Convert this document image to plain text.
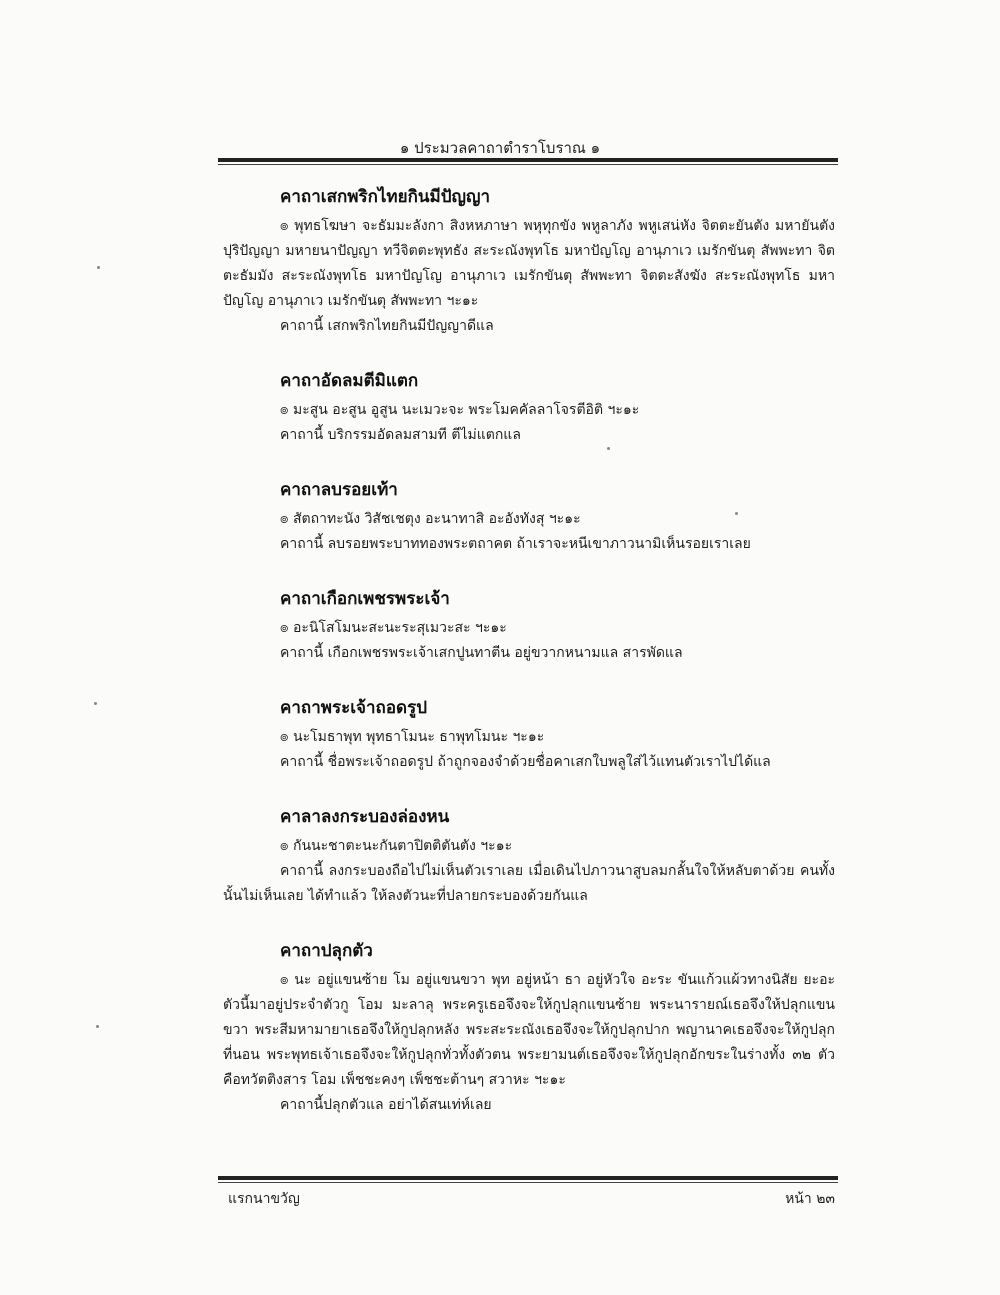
๑ ประมวลคาถาตำราโบราณ ๑
คาถาเสกพริกไทยกินมีปัญญา
๏ พุทธโฆษา จะธัมมะลังกา สิงหหภาษา พหุทุกขัง พหูลาภัง พหูเสน่หัง จิตตะยันตัง มหายันตัง ปุริปัญญา มหายนาปัญญา ทวีจิตตะพุทธัง สะระณังพุทโธ มหาปัญโญ อานุภาเว เมรักขันตุ สัพพะทา จิตตะธัมมัง สะระณังพุทโธ มหาปัญโญ อานุภาเว เมรักขันตุ สัพพะทา จิตตะสังฆัง สะระณังพุทโธ มหาปัญโญ อานุภาเว เมรักขันตุ สัพพะทา ฯะ๑ะ
คาถานี้ เสกพริกไทยกินมีปัญญาดีแล
คาถาอัดลมตีมิแตก
๏ มะสูน อะสูน อูสูน นะเมวะจะ พระโมคคัลลาโจรตีอิติ ฯะ๑ะ
คาถานี้ บริกรรมอัดลมสามที ตีไม่แตกแล
คาถาลบรอยเท้า
๏ สัตถาทะนัง วิสัชเชตุง อะนาทาสิ อะอังทังสุ ฯะ๑ะ
คาถานี้ ลบรอยพระบาททองพระตถาคต ถ้าเราจะหนีเขาภาวนามิเห็นรอยเราเลย
คาถาเกือกเพชรพระเจ้า
๏ อะนิโสโมนะสะนะระสุเมวะสะ ฯะ๑ะ
คาถานี้ เกือกเพชรพระเจ้าเสกปูนทาตีน อยู่ขวากหนามแล สารพัดแล
คาถาพระเจ้าถอดรูป
๏ นะโมธาพุท พุทธาโมนะ ธาพุทโมนะ ฯะ๑ะ
คาถานี้ ชื่อพระเจ้าถอดรูป ถ้าถูกจองจำด้วยชื่อคาเสกใบพลูใส่ไว้แทนตัวเราไปได้แล
คาลาลงกระบองล่องหน
๏ กันนะชาตะนะกันตาปิตติตันตัง ฯะ๑ะ
คาถานี้ ลงกระบองถือไปไม่เห็นตัวเราเลย เมื่อเดินไปภาวนาสูบลมกลั้นใจให้หลับตาด้วย คนทั้งนั้นไม่เห็นเลย ได้ทำแล้ว ให้ลงตัวนะที่ปลายกระบองด้วยกันแล
คาถาปลุกตัว
๏ นะ อยู่แขนซ้าย โม อยู่แขนขวา พุท อยู่หน้า ธา อยู่หัวใจ อะระ ขันแก้วแผ้วทางนิสัย ยะอะ ตัวนี้มาอยู่ประจำตัวกู โอม มะลาลุ พระครูเธอจึงจะให้กูปลุกแขนซ้าย พระนารายณ์เธอจึงให้ปลุกแขนขวา พระสีมหามายาเธอจึงให้กูปลุกหลัง พระสะระณังเธอจึงจะให้กูปลุกปาก พญานาคเธอจึงจะให้กูปลุกที่นอน พระพุทธเจ้าเธอจึงจะให้กูปลุกทั่วทั้งตัวตน พระยามนต์เธอจึงจะให้กูปลุกอักขระในร่างทั้ง ๓๒ ตัว คือทวัตติงสาร โอม เพ็ชชะคงๆ เพ็ชชะต้านๆ สวาหะ ฯะ๑ะ
คาถานี้ปลุกตัวแล อย่าได้สนเท่ห์เลย
แรกนาขวัญ	หน้า ๒๓
